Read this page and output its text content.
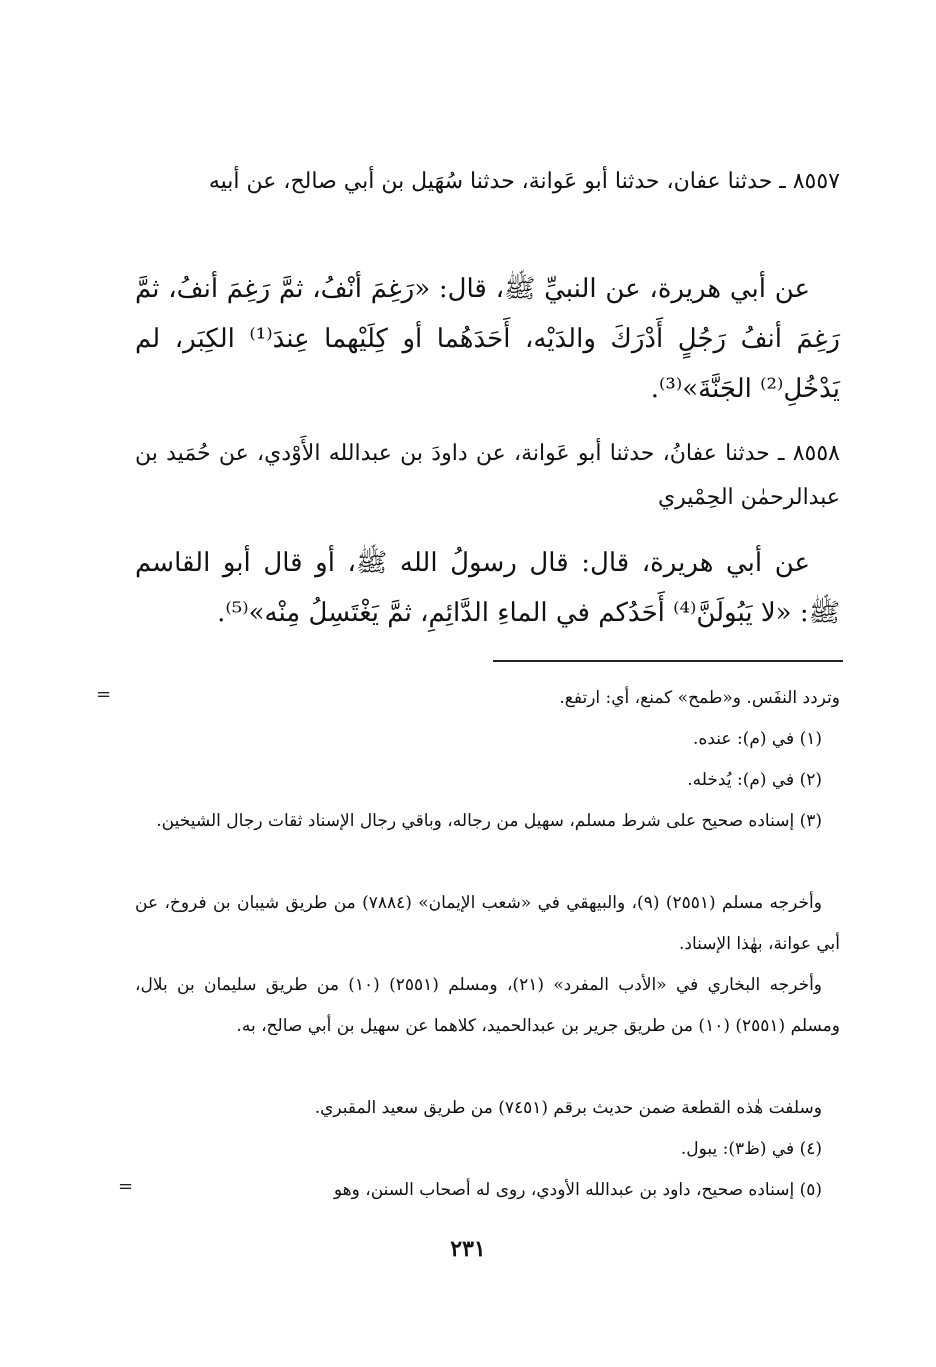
٨٥٥٧ ـ حدثنا عفان، حدثنا أبو عَوانة، حدثنا سُهَيل بن أبي صالح، عن أبيه
عن أبي هريرة، عن النبيِّ ﷺ، قال: «رَغِمَ أنْفُ، ثمَّ رَغِمَ أنفُ، ثمَّ رَغِمَ أنفُ رَجُلٍ أَدْرَكَ والدَيْه، أَحَدَهُما أو كِلَيْهما عِندَ⁽¹⁾ الكِبَر، لم يَدْخُلِ⁽²⁾ الجَنَّةَ»⁽³⁾.
٨٥٥٨ ـ حدثنا عفانُ، حدثنا أبو عَوانة، عن داودَ بن عبدالله الأَوْدي، عن حُمَيد بن عبدالرحمٰن الحِمْيري
عن أبي هريرة، قال: قال رسولُ الله ﷺ، أو قال أبو القاسم ﷺ: «لا يَبُولَنَّ⁽⁴⁾ أَحَدُكم في الماءِ الدَّائِمِ، ثمَّ يَغْتَسِلُ مِنْه»⁽⁵⁾.
=	وتردد النفَس. و«طمح» كمنع، أي: ارتفع.
(١) في (م): عنده.
(٢) في (م): يُدخله.
(٣) إسناده صحيح على شرط مسلم، سهيل من رجاله، وباقي رجال الإسناد ثقات رجال الشيخين.
وأخرجه مسلم (٢٥٥١) (٩)، والبيهقي في «شعب الإيمان» (٧٨٨٤) من طريق شيبان بن فروخ، عن أبي عوانة، بهٰذا الإسناد.
وأخرجه البخاري في «الأدب المفرد» (٢١)، ومسلم (٢٥٥١) (١٠) من طريق سليمان بن بلال، ومسلم (٢٥٥١) (١٠) من طريق جرير بن عبدالحميد، كلاهما عن سهيل بن أبي صالح، به.
وسلفت هٰذه القطعة ضمن حديث برقم (٧٤٥١) من طريق سعيد المقبري.
(٤) في (ظ٣): يبول.
=	(٥) إسناده صحيح، داود بن عبدالله الأودي، روى له أصحاب السنن، وهو
٢٣١
